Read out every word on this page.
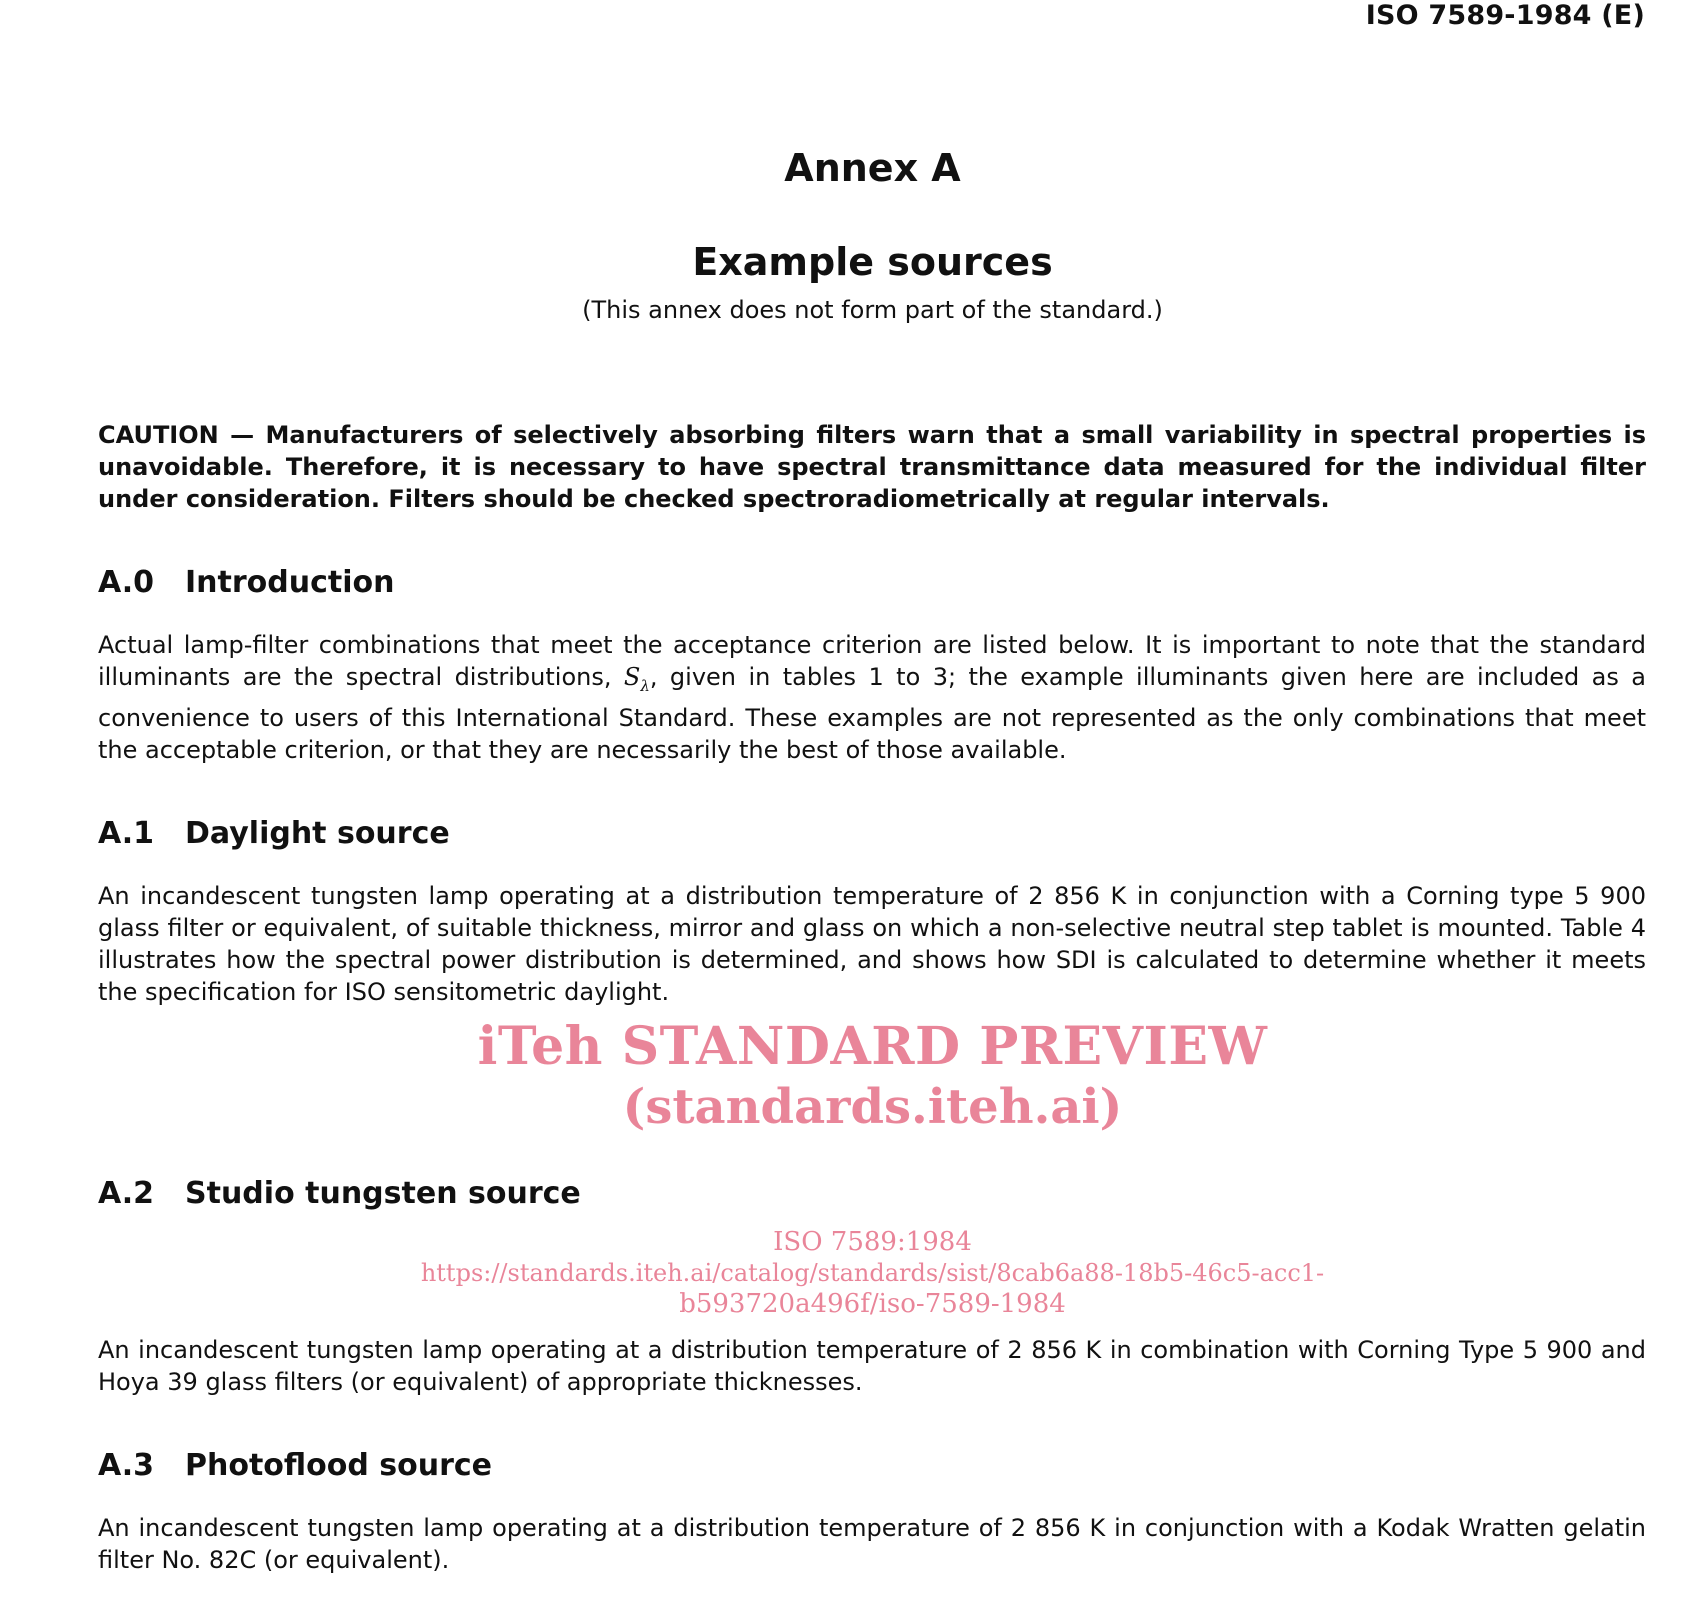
ISO 7589-1984 (E)
Annex A
Example sources
(This annex does not form part of the standard.)
CAUTION — Manufacturers of selectively absorbing filters warn that a small variability in spectral properties is unavoidable. Therefore, it is necessary to have spectral transmittance data measured for the individual filter under consideration. Filters should be checked spectroradiometrically at regular intervals.
A.0 Introduction
Actual lamp-filter combinations that meet the acceptance criterion are listed below. It is important to note that the standard illuminants are the spectral distributions, $S_\lambda$, given in tables 1 to 3; the example illuminants given here are included as a convenience to users of this International Standard. These examples are not represented as the only combinations that meet the acceptable criterion, or that they are necessarily the best of those available.
A.1 Daylight source
An incandescent tungsten lamp operating at a distribution temperature of 2 856 K in conjunction with a Corning type 5 900 glass filter or equivalent, of suitable thickness, mirror and glass on which a non-selective neutral step tablet is mounted. Table 4 illustrates how the spectral power distribution is determined, and shows how SDI is calculated to determine whether it meets the specification for ISO sensitometric daylight.
iTeh STANDARD PREVIEW
(standards.iteh.ai)
A.2 Studio tungsten source
ISO 7589:1984
https://standards.iteh.ai/catalog/standards/sist/8cab6a88-18b5-46c5-acc1-
b593720a496f/iso-7589-1984
An incandescent tungsten lamp operating at a distribution temperature of 2 856 K in combination with Corning Type 5 900 and Hoya 39 glass filters (or equivalent) of appropriate thicknesses.
A.3 Photoflood source
An incandescent tungsten lamp operating at a distribution temperature of 2 856 K in conjunction with a Kodak Wratten gelatin filter No. 82C (or equivalent).
